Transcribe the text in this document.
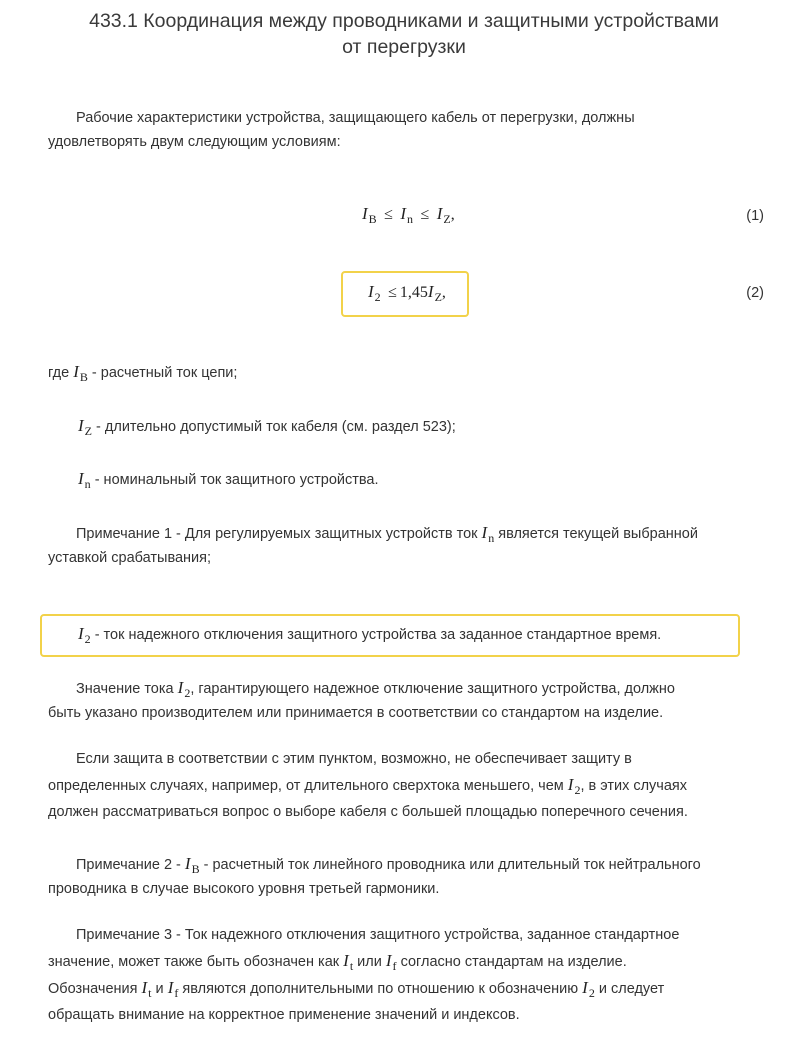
433.1 Координация между проводниками и защитными устройствами
от перегрузки
Рабочие характеристики устройства, защищающего кабель от перегрузки, должны
удовлетворять двум следующим условиям:
$I_B \le I_n \le I_Z$,	(1)
$I_2 \le 1,45I_Z$,	(2)
где $I_B$ - расчетный ток цепи;
$I_Z$ - длительно допустимый ток кабеля (см. раздел 523);
$I_n$ - номинальный ток защитного устройства.
Примечание 1 - Для регулируемых защитных устройств ток $I_n$ является текущей выбранной
уставкой срабатывания;
$I_2$ - ток надежного отключения защитного устройства за заданное стандартное время.
Значение тока $I_2$, гарантирующего надежное отключение защитного устройства, должно
быть указано производителем или принимается в соответствии со стандартом на изделие.
Если защита в соответствии с этим пунктом, возможно, не обеспечивает защиту в
определенных случаях, например, от длительного сверхтока меньшего, чем $I_2$, в этих случаях
должен рассматриваться вопрос о выборе кабеля с большей площадью поперечного сечения.
Примечание $2 - I_B$ - расчетный ток линейного проводника или длительный ток нейтрального
проводника в случае высокого уровня третьей гармоники.
Примечание 3 - Ток надежного отключения защитного устройства, заданное стандартное
значение, может также быть обозначен как $I_t$ или $I_f$ согласно стандартам на изделие.
Обозначения $I_t$ и $I_f$ являются дополнительными по отношению к обозначению $I_2$ и следует
обращать внимание на корректное применение значений и индексов.
